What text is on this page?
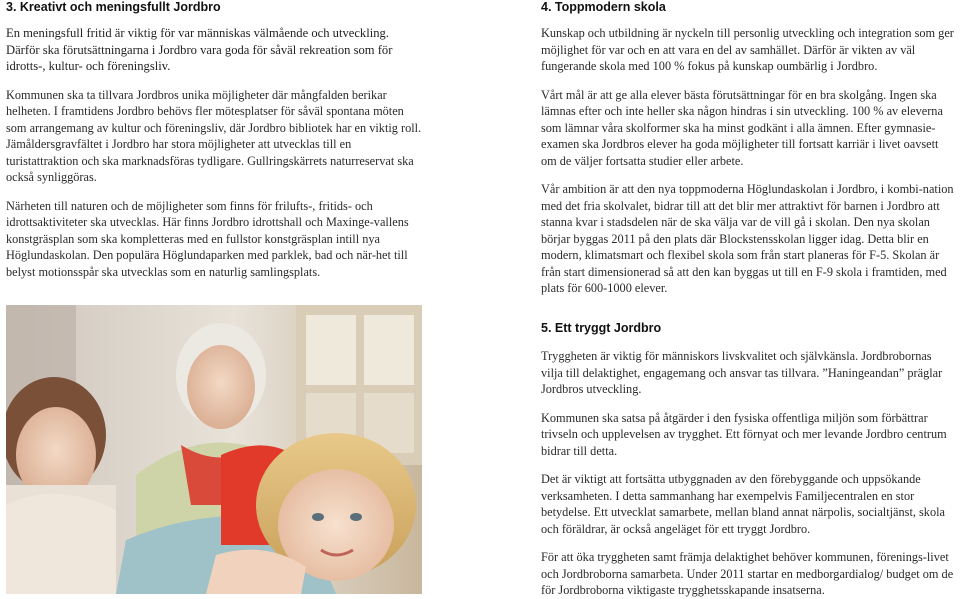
3. Kreativt och meningsfullt Jordbro

En meningsfull fritid är viktig för var människas välmående och utveckling. Därför ska förutsättningarna i Jordbro vara goda för såväl rekreation som för idrotts-, kultur- och föreningsliv.

Kommunen ska ta tillvara Jordbros unika möjligheter där mångfalden berikar helheten. I framtidens Jordbro behövs fler mötesplatser för såväl spontana möten som arrangemang av kultur och föreningsliv, där Jordbro bibliotek har en viktig roll. Jämåldersgravfältet i Jordbro har stora möjligheter att utvecklas till en turistattraktion och ska marknadsföras tydligare. Gullringskärrets naturreservat ska också synliggöras.

Närheten till naturen och de möjligheter som finns för frilufts-, fritids- och idrottsaktiviteter ska utvecklas. Här finns Jordbro idrottshall och Maxinge-vallens konstgräsplan som ska kompletteras med en fullstor konstgräsplan intill nya Höglundaskolan. Den populära Höglundaparken med parklek, bad och när-het till belyst motionsspår ska utvecklas som en naturlig samlingsplats.

4. Toppmodern skola

Kunskap och utbildning är nyckeln till personlig utveckling och integration som ger möjlighet för var och en att vara en del av samhället. Därför är vikten av väl fungerande skola med 100 % fokus på kunskap oumbärlig i Jordbro.

Vårt mål är att ge alla elever bästa förutsättningar för en bra skolgång. Ingen ska lämnas efter och inte heller ska någon hindras i sin utveckling. 100 % av eleverna som lämnar våra skolformer ska ha minst godkänt i alla ämnen. Efter gymnasie-examen ska Jordbros elever ha goda möjligheter till fortsatt karriär i livet oavsett om de väljer fortsatta studier eller arbete.

Vår ambition är att den nya toppmoderna Höglundaskolan i Jordbro, i kombi-nation med det fria skolvalet, bidrar till att det blir mer attraktivt för barnen i Jordbro att stanna kvar i stadsdelen när de ska välja var de vill gå i skolan. Den nya skolan börjar byggas 2011 på den plats där Blockstensskolan ligger idag. Detta blir en modern, klimatsmart och flexibel skola som från start planeras för F-5. Skolan är från start dimensionerad så att den kan byggas ut till en F-9 skola i framtiden, med plats för 600-1000 elever.

5. Ett tryggt Jordbro

Tryggheten är viktig för människors livskvalitet och självkänsla. Jordbrobornas vilja till delaktighet, engagemang och ansvar tas tillvara. ”Haningeandan” präglar Jordbros utveckling.

Kommunen ska satsa på åtgärder i den fysiska offentliga miljön som förbättrar trivseln och upplevelsen av trygghet. Ett förnyat och mer levande Jordbro centrum bidrar till detta.

Det är viktigt att fortsätta utbyggnaden av den förebyggande och uppsökande verksamheten. I detta sammanhang har exempelvis Familjecentralen en stor betydelse. Ett utvecklat samarbete, mellan bland annat närpolis, socialtjänst, skola och föräldrar, är också angeläget för ett tryggt Jordbro.

För att öka tryggheten samt främja delaktighet behöver kommunen, förenings-livet och Jordbroborna samarbeta. Under 2011 startar en medborgardialog/ budget om de för Jordbroborna viktigaste trygghetsskapande insatserna.
